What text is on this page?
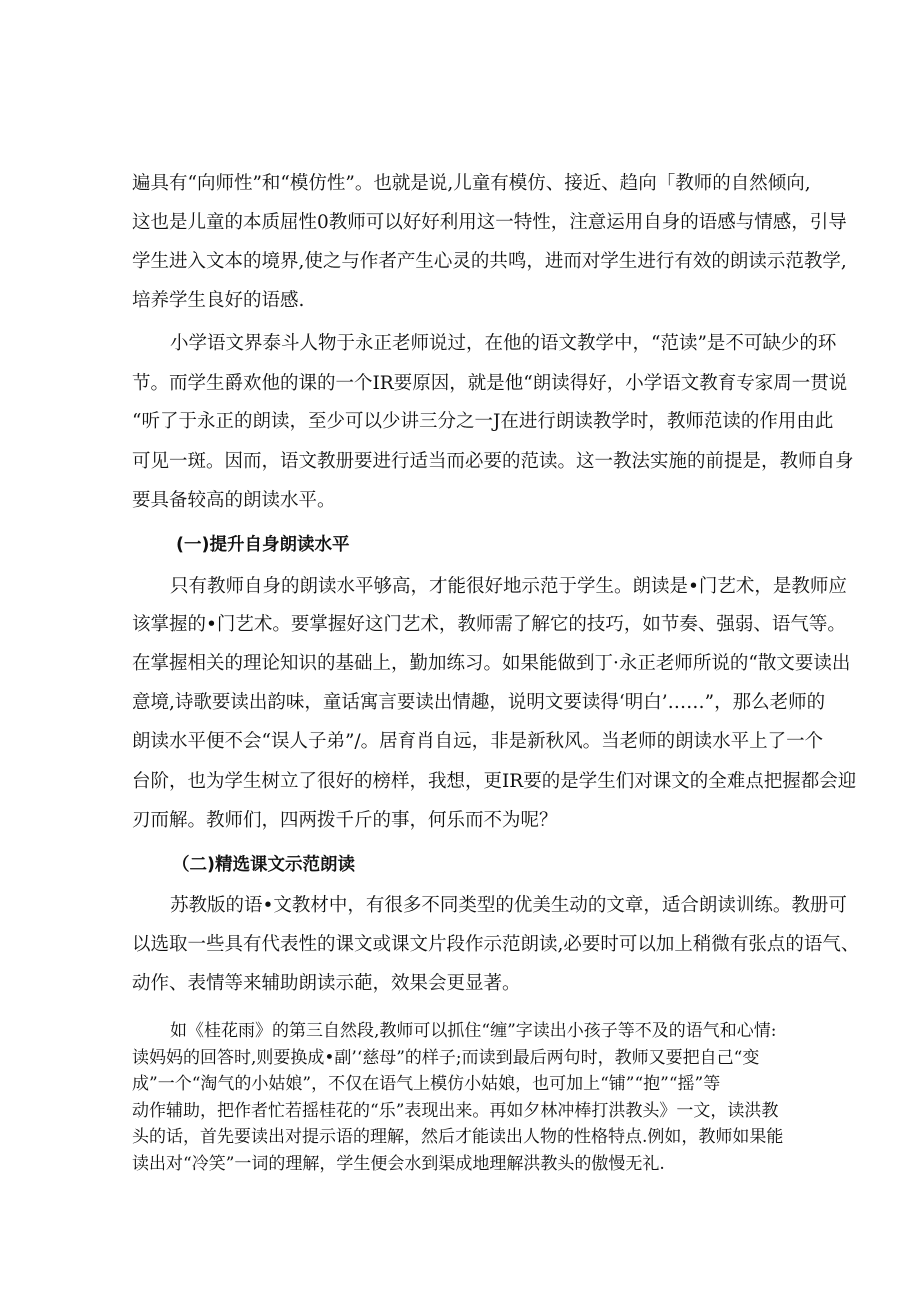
遍具有“向师性”和“模仿性”。也就是说,儿童有模仿、接近、趋向「教师的自然倾向,
这也是儿童的本质屈性0教师可以好好利用这一特性，注意运用自身的语感与情感，引导
学生进入文本的境界,使之与作者产生心灵的共鸣，进而对学生进行有效的朗读示范教学,
培养学生良好的语感.
小学语文界泰斗人物于永正老师说过，在他的语文教学中，“范读”是不可缺少的环
节。而学生爵欢他的课的一个IR要原因，就是他“朗读得好，小学语文教育专家周一贯说
“听了于永正的朗读，至少可以少讲三分之一J在进行朗读教学时，教师范读的作用由此
可见一斑。因而，语文教册要进行适当而必要的范读。这一教法实施的前提是，教师自身
要具备较高的朗读水平。
(一)提升自身朗读水平
只有教师自身的朗读水平够高，才能很好地示范于学生。朗读是•门艺术，是教师应
该掌握的•门艺术。要掌握好这门艺术，教师需了解它的技巧，如节奏、强弱、语气等。
在掌握相关的理论知识的基础上，勤加练习。如果能做到丁·永正老师所说的“散文要读出
意境,诗歌要读出韵味，童话寓言要读出情趣，说明文要读得‘明白’……”，那么老师的
朗读水平便不会“误人子弟”/。居育肖自远，非是新秋风。当老师的朗读水平上了一个
台阶，也为学生树立了很好的榜样，我想，更IR要的是学生们对课文的全难点把握都会迎
刃而解。教师们，四两拨千斤的事，何乐而不为呢？
（二)精选课文示范朗读
苏教版的语•文教材中，有很多不同类型的优美生动的文章，适合朗读训练。教册可
以选取一些具有代表性的课文或课文片段作示范朗读,必要时可以加上稍微有张点的语气、
动作、表情等来辅助朗读示葩，效果会更显著。
如《桂花雨》的第三自然段,教师可以抓住“缠”字读出小孩子等不及的语气和心情:
读妈妈的回答时,则要换成•副’‘慈母”的样子;而读到最后两句时，教师又要把自己“变
成”一个“淘气的小姑娘”，不仅在语气上模仿小姑娘，也可加上“铺”“抱”“摇”等
动作辅助，把作者忙若摇桂花的“乐”表现出来。再如夕林冲棒打洪教头》一文，读洪教
头的话，首先要读出对提示语的理解，然后才能读出人物的性格特点.例如，教师如果能
读出对“冷笑”一词的理解，学生便会水到渠成地理解洪教头的傲慢无礼.
